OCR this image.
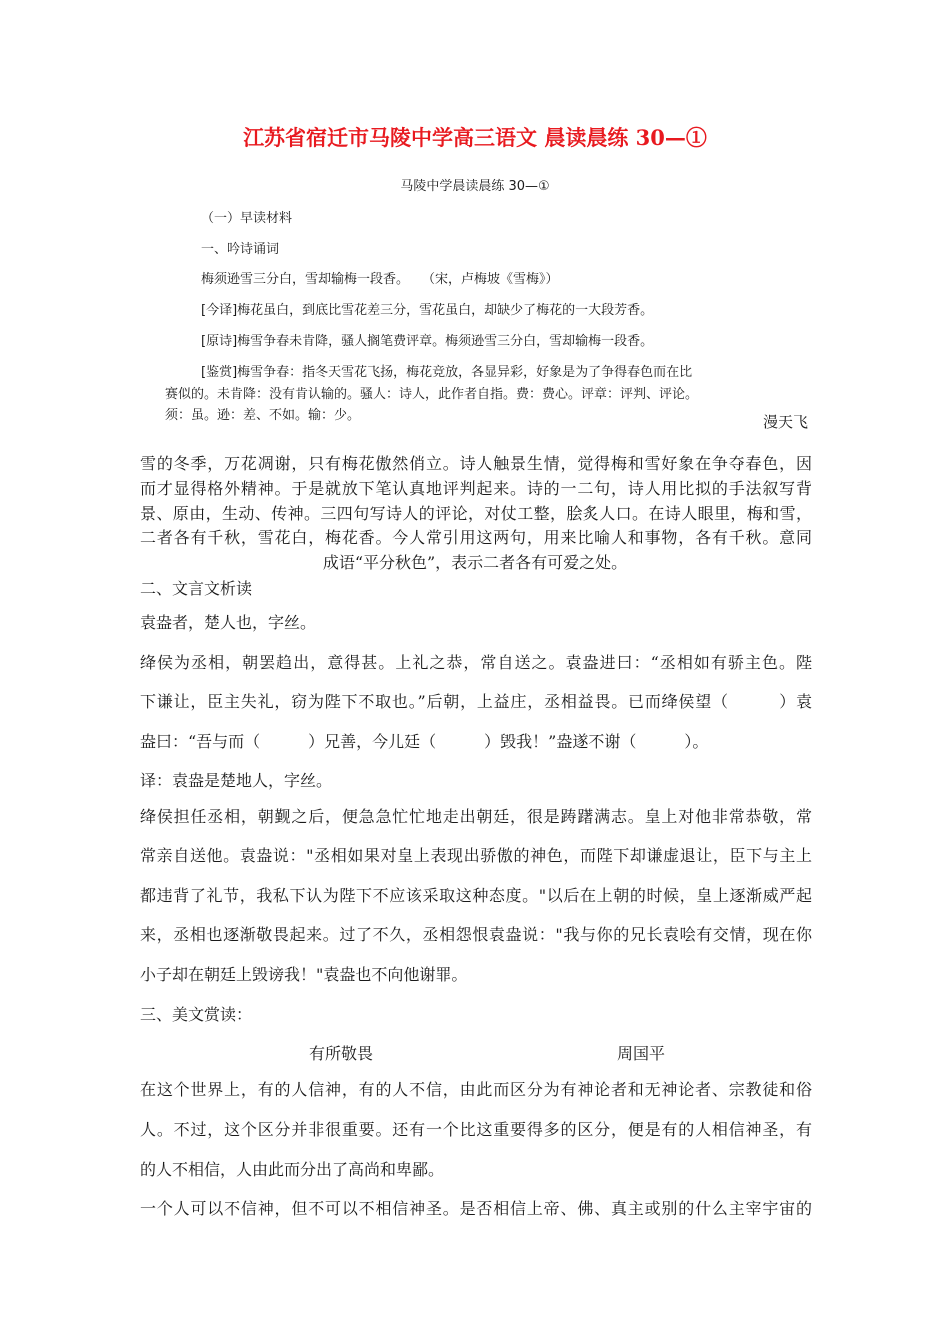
江苏省宿迁市马陵中学高三语文 晨读晨练 30—①
马陵中学晨读晨练 30—①
（一）早读材料
一、吟诗诵词
梅须逊雪三分白，雪却输梅一段香。　　（宋，卢梅坡《雪梅》）
[今译]梅花虽白，到底比雪花差三分，雪花虽白，却缺少了梅花的一大段芳香。
[原诗]梅雪争春未肯降，骚人搁笔费评章。梅须逊雪三分白，雪却输梅一段香。
[鉴赏]梅雪争春：指冬天雪花飞扬，梅花竞放，各显异彩，好象是为了争得春色而在比
赛似的。未肯降：没有肯认输的。骚人：诗人，此作者自指。费：费心。评章：评判、评论。
须：虽。逊：差、不如。输：少。	漫天飞
雪的冬季，万花凋谢，只有梅花傲然俏立。诗人触景生情，觉得梅和雪好象在争夺春色，因
而才显得格外精神。于是就放下笔认真地评判起来。诗的一二句，诗人用比拟的手法叙写背
景、原由，生动、传神。三四句写诗人的评论，对仗工整，脍炙人口。在诗人眼里，梅和雪，
二者各有千秋，雪花白，梅花香。今人常引用这两句，用来比喻人和事物，各有千秋。意同
成语“平分秋色”，表示二者各有可爱之处。
二、文言文析读
袁盎者，楚人也，字丝。
绛侯为丞相，朝罢趋出，意得甚。上礼之恭，常自送之。袁盎进曰：“丞相如有骄主色。陛
下谦让，臣主失礼，窃为陛下不取也。”后朝，上益庄，丞相益畏。已而绛侯望（　　　）袁
盎曰：“吾与而（　　　）兄善，今儿廷（　　　）毁我！”盎遂不谢（　　　）。
译：袁盎是楚地人，字丝。
绛侯担任丞相，朝觐之后，便急急忙忙地走出朝廷，很是踌躇满志。皇上对他非常恭敬，常
常亲自送他。袁盎说："丞相如果对皇上表现出骄傲的神色，而陛下却谦虚退让，臣下与主上
都违背了礼节，我私下认为陛下不应该采取这种态度。"以后在上朝的时候，皇上逐渐威严起
来，丞相也逐渐敬畏起来。过了不久，丞相怨恨袁盎说："我与你的兄长袁哙有交情，现在你
小子却在朝廷上毁谤我！"袁盎也不向他谢罪。
三、美文赏读：
有所敬畏	周国平
在这个世界上，有的人信神，有的人不信，由此而区分为有神论者和无神论者、宗教徒和俗
人。不过，这个区分并非很重要。还有一个比这重要得多的区分，便是有的人相信神圣，有
的人不相信，人由此而分出了高尚和卑鄙。
一个人可以不信神，但不可以不相信神圣。是否相信上帝、佛、真主或别的什么主宰宇宙的
